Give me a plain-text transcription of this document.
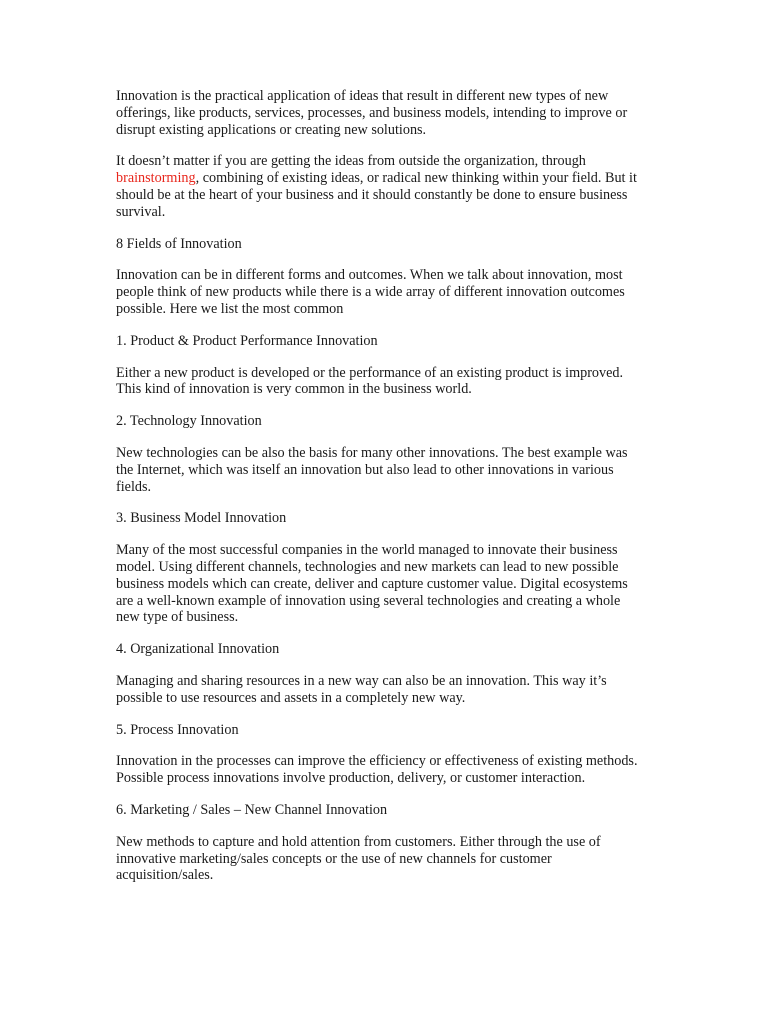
Innovation is the practical application of ideas that result in different new types of new offerings, like products, services, processes, and business models, intending to improve or disrupt existing applications or creating new solutions.

It doesn’t matter if you are getting the ideas from outside the organization, through brainstorming, combining of existing ideas, or radical new thinking within your field. But it should be at the heart of your business and it should constantly be done to ensure business survival.

8 Fields of Innovation

Innovation can be in different forms and outcomes. When we talk about innovation, most people think of new products while there is a wide array of different innovation outcomes possible. Here we list the most common

1. Product & Product Performance Innovation

Either a new product is developed or the performance of an existing product is improved. This kind of innovation is very common in the business world.

2. Technology Innovation

New technologies can be also the basis for many other innovations. The best example was the Internet, which was itself an innovation but also lead to other innovations in various fields.

3. Business Model Innovation

Many of the most successful companies in the world managed to innovate their business model. Using different channels, technologies and new markets can lead to new possible business models which can create, deliver and capture customer value. Digital ecosystems are a well-known example of innovation using several technologies and creating a whole new type of business.

4. Organizational Innovation

Managing and sharing resources in a new way can also be an innovation. This way it’s possible to use resources and assets in a completely new way.

5. Process Innovation

Innovation in the processes can improve the efficiency or effectiveness of existing methods. Possible process innovations involve production, delivery, or customer interaction.

6. Marketing / Sales – New Channel Innovation

New methods to capture and hold attention from customers. Either through the use of innovative marketing/sales concepts or the use of new channels for customer acquisition/sales.
